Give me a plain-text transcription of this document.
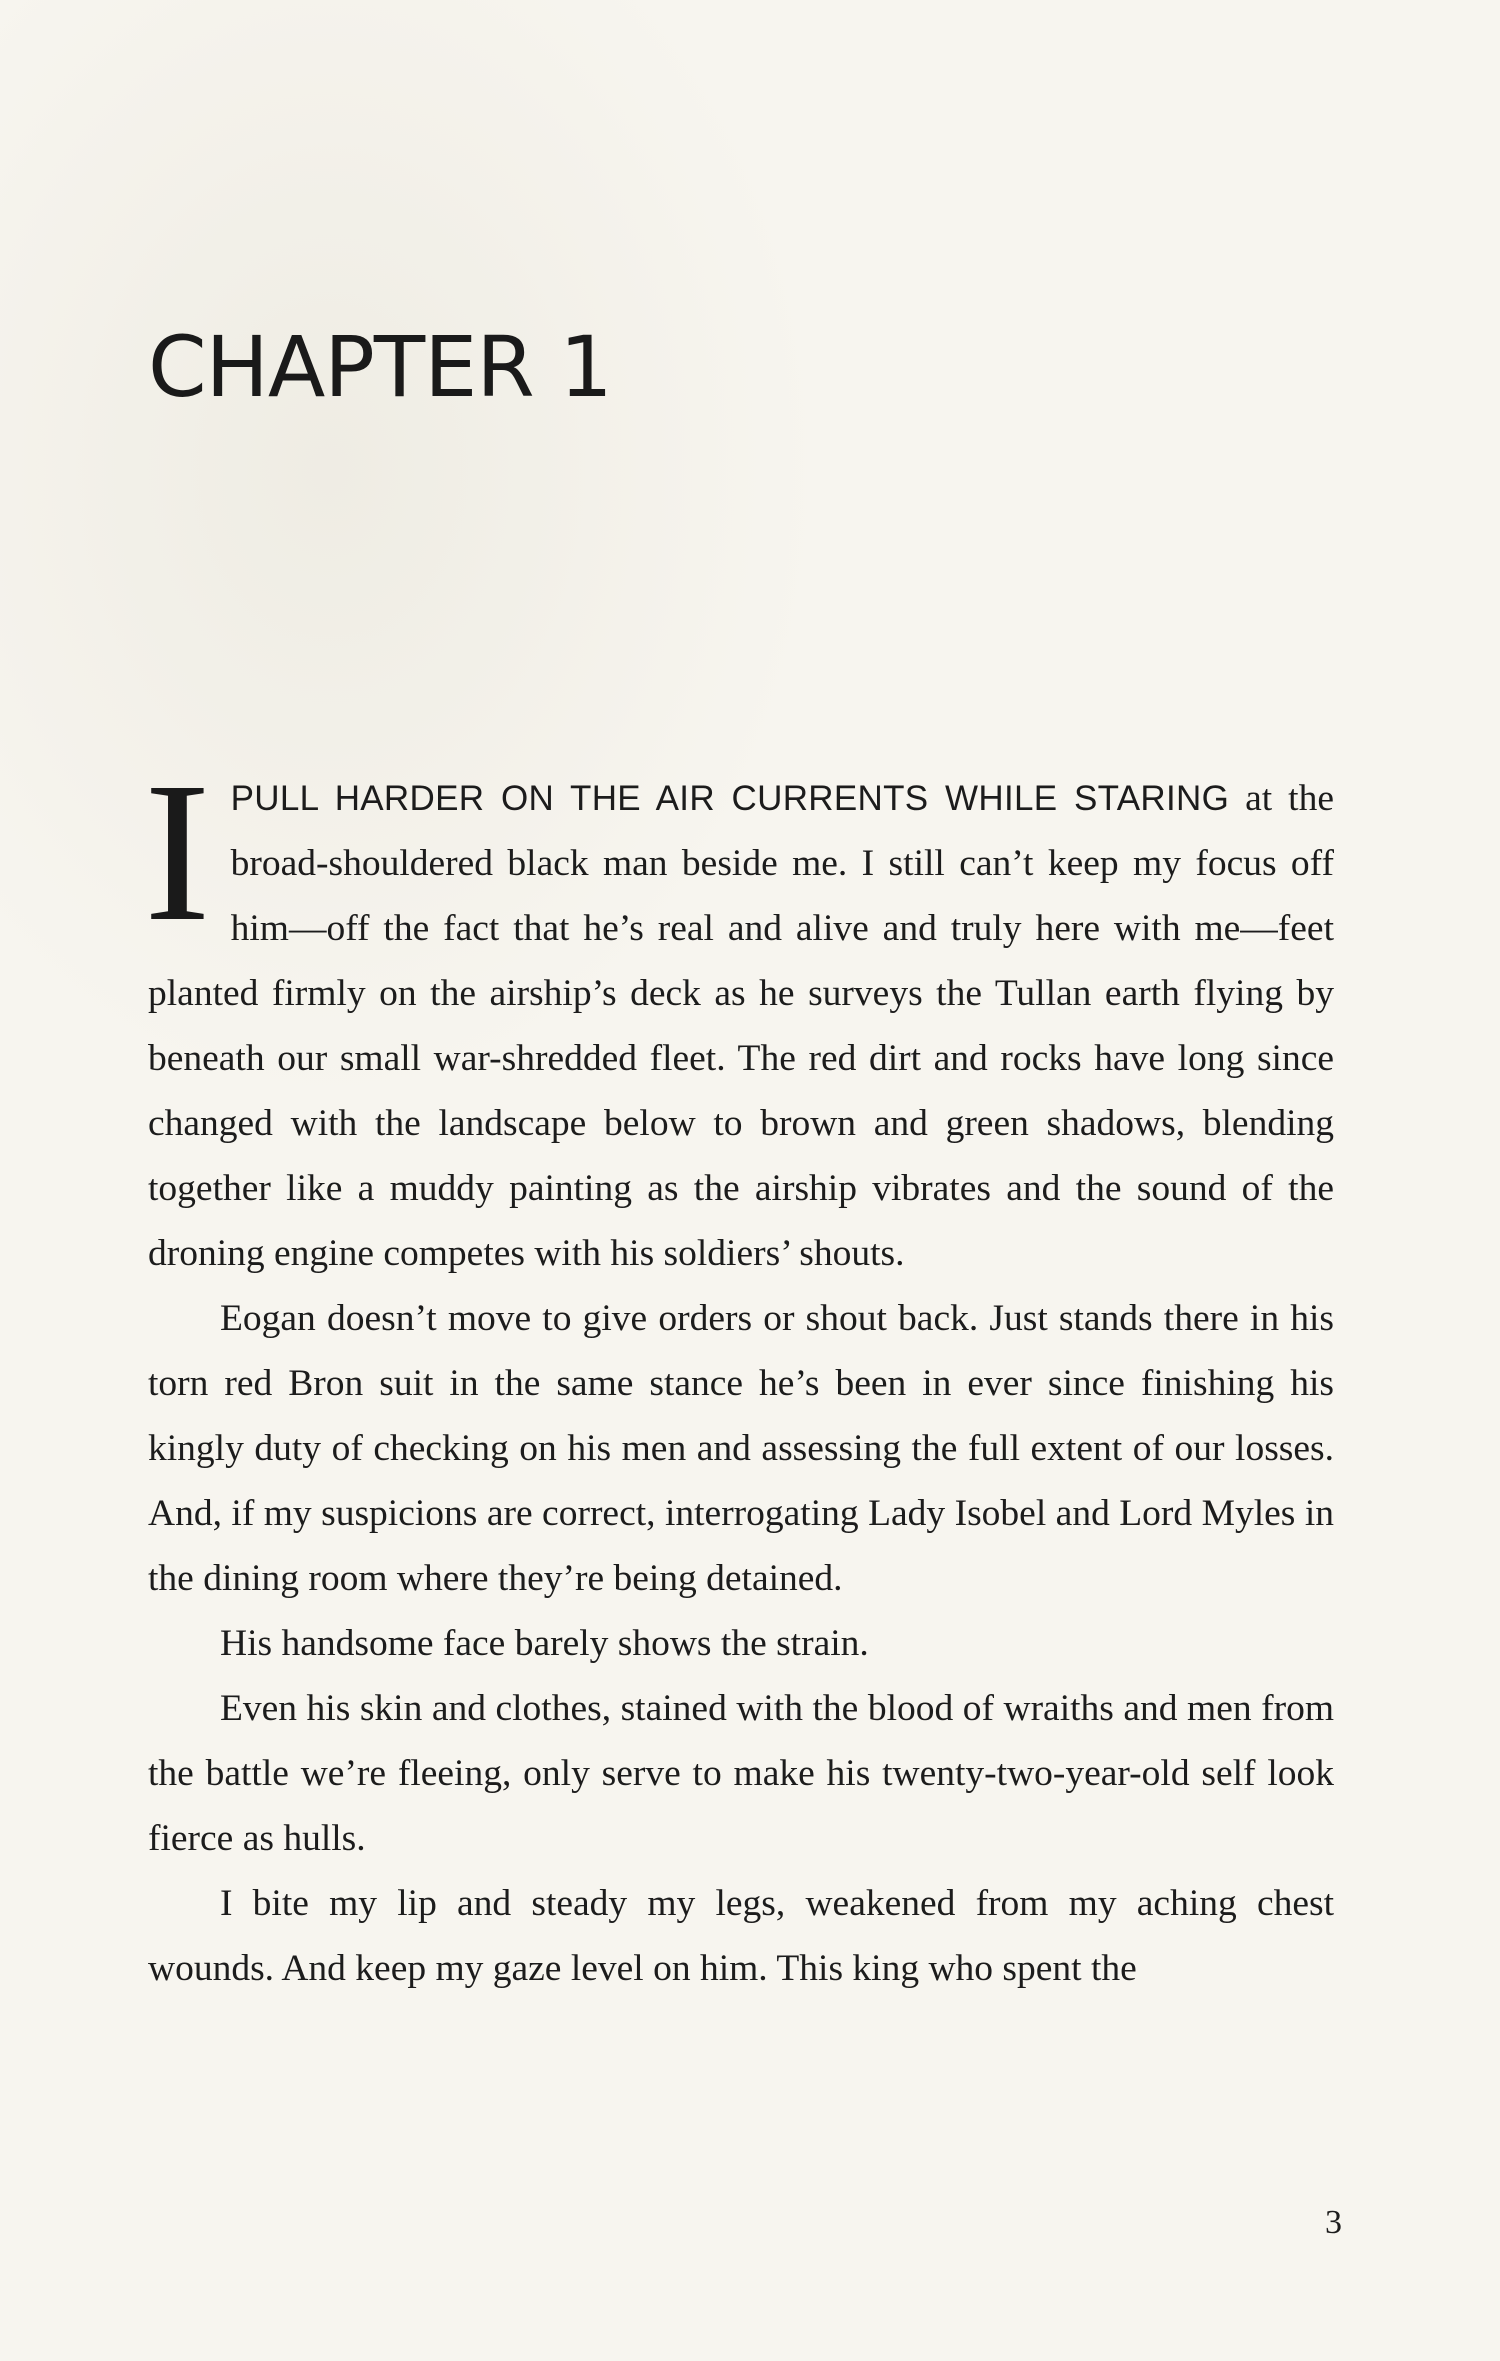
CHAPTER 1

IPULL HARDER ON THE AIR CURRENTS WHILE STARING at the broad-shouldered black man beside me. I still can’t keep my focus off him—off the fact that he’s real and alive and truly here with me—feet planted firmly on the airship’s deck as he surveys the Tullan earth flying by beneath our small war-shredded fleet. The red dirt and rocks have long since changed with the landscape below to brown and green shadows, blending together like a muddy painting as the airship vibrates and the sound of the droning engine competes with his soldiers’ shouts.

Eogan doesn’t move to give orders or shout back. Just stands there in his torn red Bron suit in the same stance he’s been in ever since finishing his kingly duty of checking on his men and assessing the full extent of our losses. And, if my suspicions are correct, interrogating Lady Isobel and Lord Myles in the dining room where they’re being detained.

His handsome face barely shows the strain.

Even his skin and clothes, stained with the blood of wraiths and men from the battle we’re fleeing, only serve to make his twenty-two-year-old self look fierce as hulls.

I bite my lip and steady my legs, weakened from my aching chest wounds. And keep my gaze level on him. This king who spent the

3
